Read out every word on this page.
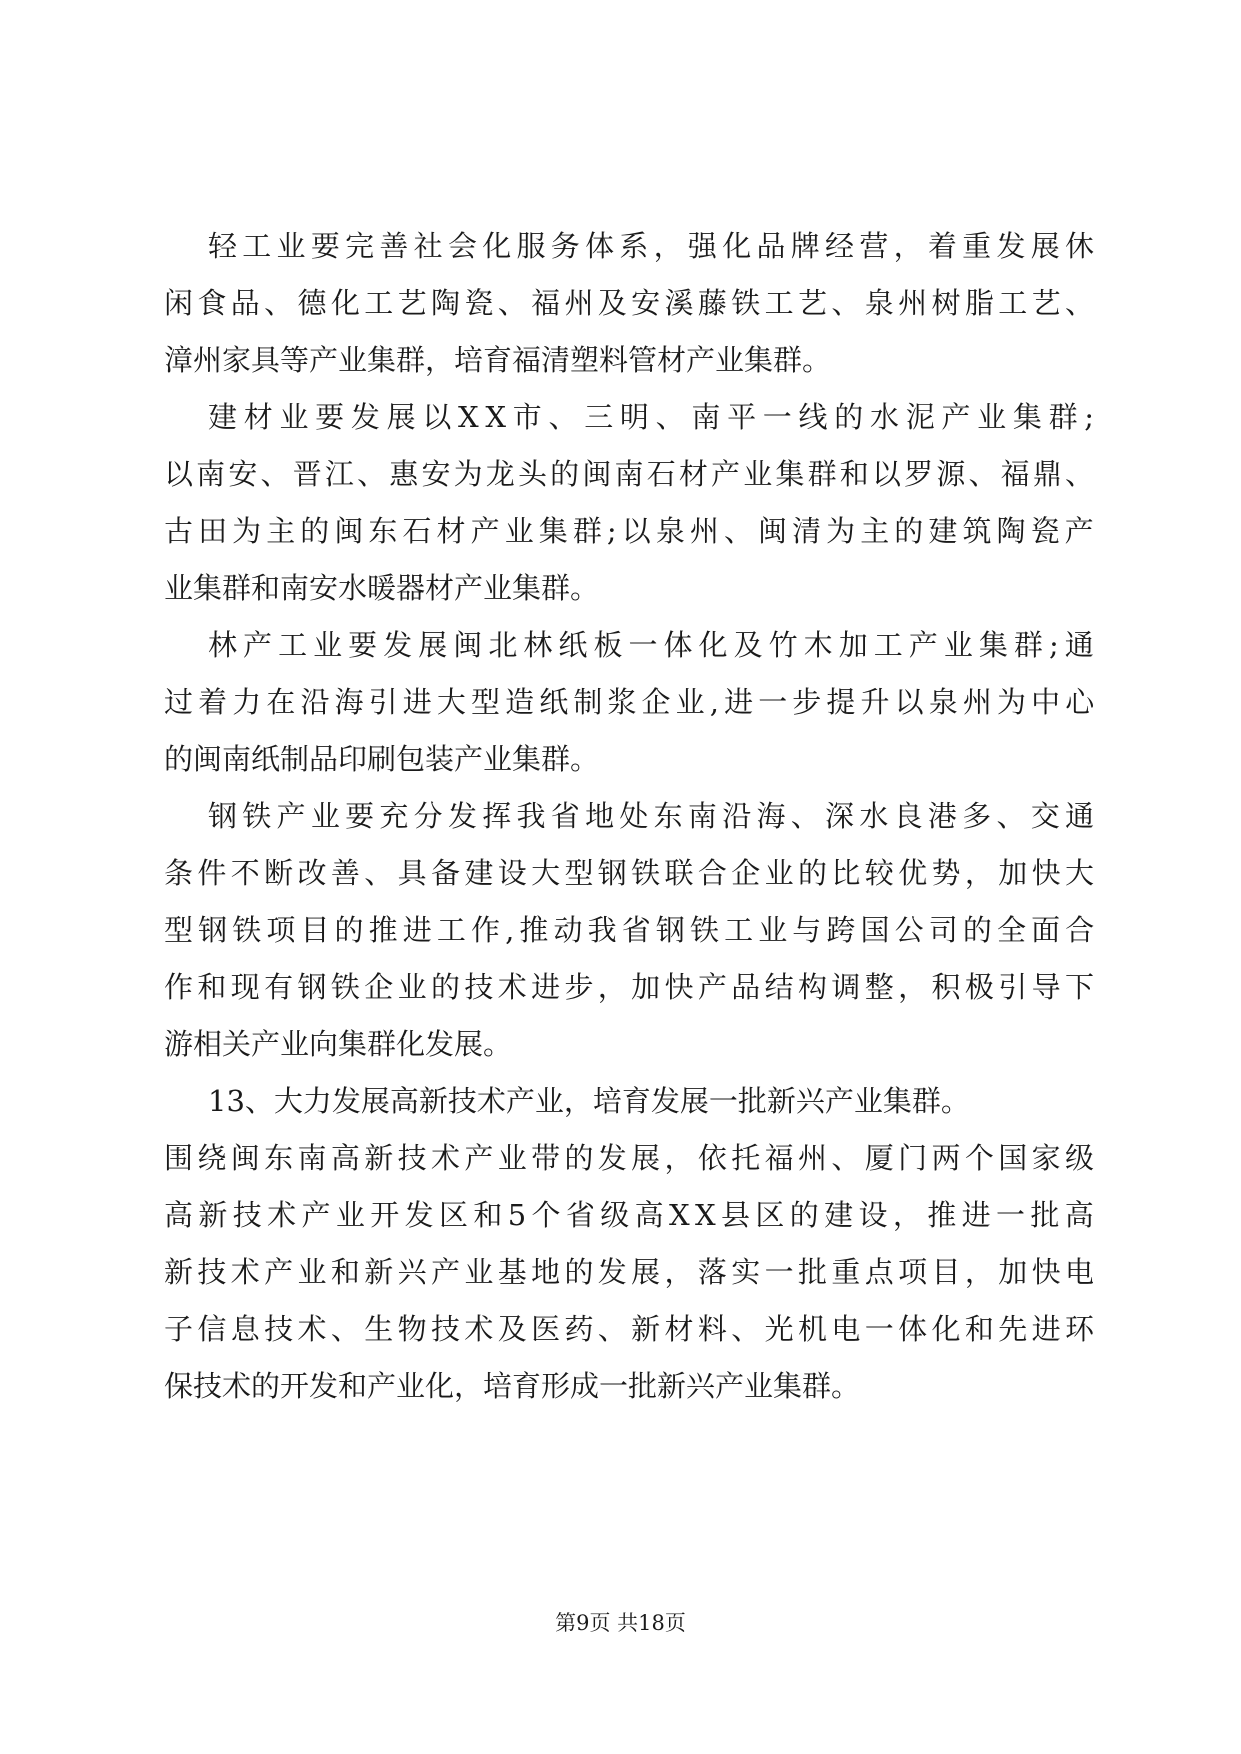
轻工业要完善社会化服务体系，强化品牌经营，着重发展休
闲食品、德化工艺陶瓷、福州及安溪藤铁工艺、泉州树脂工艺、
漳州家具等产业集群，培育福清塑料管材产业集群。
建材业要发展以XX市、三明、南平一线的水泥产业集群;
以南安、晋江、惠安为龙头的闽南石材产业集群和以罗源、福鼎、
古田为主的闽东石材产业集群;以泉州、闽清为主的建筑陶瓷产
业集群和南安水暖器材产业集群。
林产工业要发展闽北林纸板一体化及竹木加工产业集群;通
过着力在沿海引进大型造纸制浆企业,进一步提升以泉州为中心
的闽南纸制品印刷包装产业集群。
钢铁产业要充分发挥我省地处东南沿海、深水良港多、交通
条件不断改善、具备建设大型钢铁联合企业的比较优势，加快大
型钢铁项目的推进工作,推动我省钢铁工业与跨国公司的全面合
作和现有钢铁企业的技术进步，加快产品结构调整，积极引导下
游相关产业向集群化发展。
13、大力发展高新技术产业，培育发展一批新兴产业集群。
围绕闽东南高新技术产业带的发展，依托福州、厦门两个国家级
高新技术产业开发区和5个省级高XX县区的建设，推进一批高
新技术产业和新兴产业基地的发展，落实一批重点项目，加快电
子信息技术、生物技术及医药、新材料、光机电一体化和先进环
保技术的开发和产业化，培育形成一批新兴产业集群。
第9页 共18页
